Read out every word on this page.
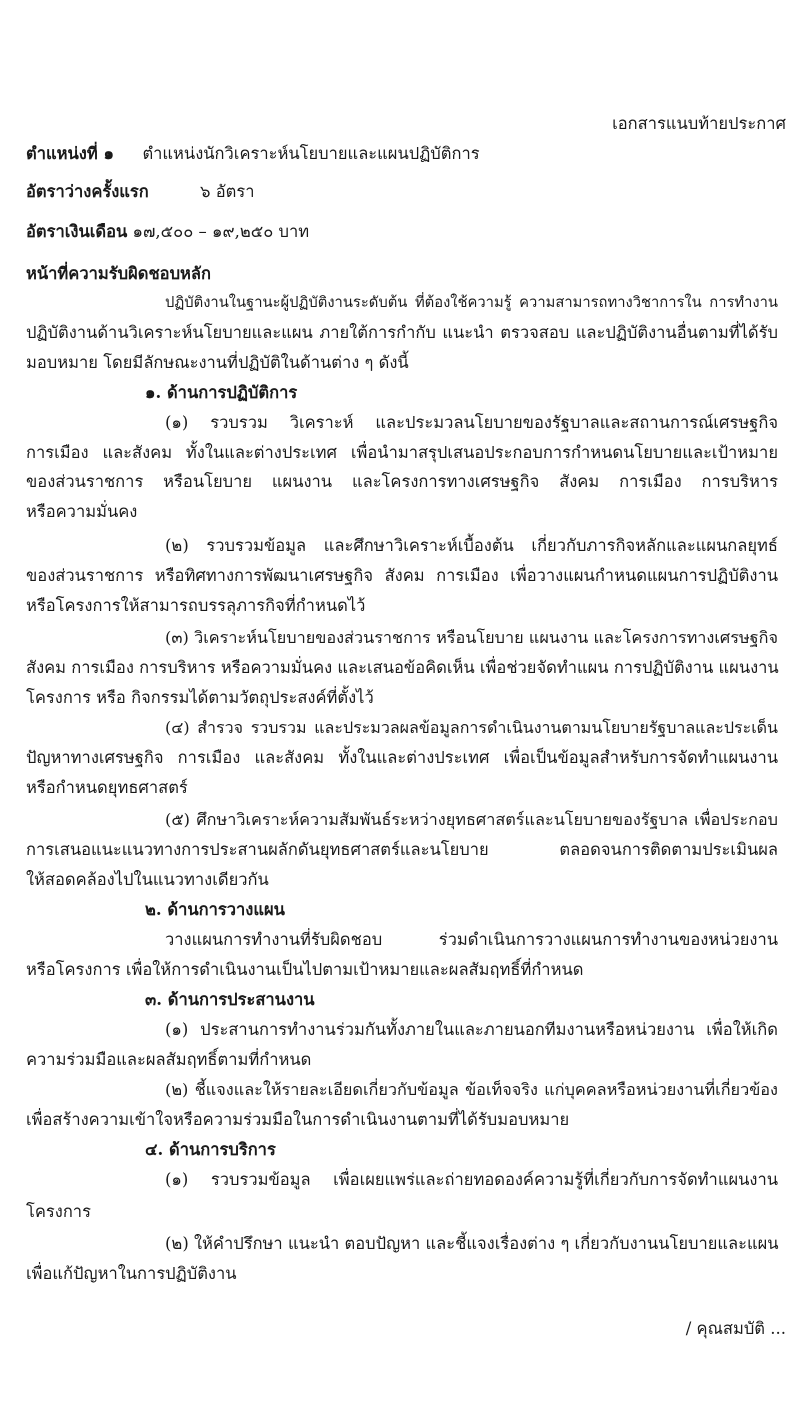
เอกสารแนบท้ายประกาศ
ตำแหน่งที่ ๑ ตำแหน่งนักวิเคราะห์นโยบายและแผนปฏิบัติการ
อัตราว่างครั้งแรก	๖ อัตรา
อัตราเงินเดือน ๑๗,๕๐๐ – ๑๙,๒๕๐ บาท
หน้าที่ความรับผิดชอบหลัก
ปฏิบัติงานในฐานะผู้ปฏิบัติงานระดับต้น ที่ต้องใช้ความรู้ ความสามารถทางวิชาการใน การทำงาน
ปฏิบัติงานด้านวิเคราะห์นโยบายและแผน ภายใต้การกำกับ แนะนำ ตรวจสอบ และปฏิบัติงานอื่นตามที่ได้รับ
มอบหมาย โดยมีลักษณะงานที่ปฏิบัติในด้านต่าง ๆ ดังนี้
๑. ด้านการปฏิบัติการ
(๑) รวบรวม วิเคราะห์ และประมวลนโยบายของรัฐบาลและสถานการณ์เศรษฐกิจ
การเมือง และสังคม ทั้งในและต่างประเทศ เพื่อนำมาสรุปเสนอประกอบการกำหนดนโยบายและเป้าหมาย
ของส่วนราชการ หรือนโยบาย แผนงาน และโครงการทางเศรษฐกิจ สังคม การเมือง การบริหาร
หรือความมั่นคง
(๒) รวบรวมข้อมูล และศึกษาวิเคราะห์เบื้องต้น เกี่ยวกับภารกิจหลักและแผนกลยุทธ์
ของส่วนราชการ หรือทิศทางการพัฒนาเศรษฐกิจ สังคม การเมือง เพื่อวางแผนกำหนดแผนการปฏิบัติงาน
หรือโครงการให้สามารถบรรลุภารกิจที่กำหนดไว้
(๓) วิเคราะห์นโยบายของส่วนราชการ หรือนโยบาย แผนงาน และโครงการทางเศรษฐกิจ
สังคม การเมือง การบริหาร หรือความมั่นคง และเสนอข้อคิดเห็น เพื่อช่วยจัดทำแผน การปฏิบัติงาน แผนงาน
โครงการ หรือ กิจกรรมได้ตามวัตถุประสงค์ที่ตั้งไว้
(๔) สำรวจ รวบรวม และประมวลผลข้อมูลการดำเนินงานตามนโยบายรัฐบาลและประเด็น
ปัญหาทางเศรษฐกิจ การเมือง และสังคม ทั้งในและต่างประเทศ เพื่อเป็นข้อมูลสำหรับการจัดทำแผนงาน
หรือกำหนดยุทธศาสตร์
(๕) ศึกษาวิเคราะห์ความสัมพันธ์ระหว่างยุทธศาสตร์และนโยบายของรัฐบาล เพื่อประกอบ
การเสนอแนะแนวทางการประสานผลักดันยุทธศาสตร์และนโยบาย ตลอดจนการติดตามประเมินผล
ให้สอดคล้องไปในแนวทางเดียวกัน
๒. ด้านการวางแผน
วางแผนการทำงานที่รับผิดชอบ ร่วมดำเนินการวางแผนการทำงานของหน่วยงาน
หรือโครงการ เพื่อให้การดำเนินงานเป็นไปตามเป้าหมายและผลสัมฤทธิ์ที่กำหนด
๓. ด้านการประสานงาน
(๑) ประสานการทำงานร่วมกันทั้งภายในและภายนอกทีมงานหรือหน่วยงาน เพื่อให้เกิด
ความร่วมมือและผลสัมฤทธิ์ตามที่กำหนด
(๒) ชี้แจงและให้รายละเอียดเกี่ยวกับข้อมูล ข้อเท็จจริง แก่บุคคลหรือหน่วยงานที่เกี่ยวข้อง
เพื่อสร้างความเข้าใจหรือความร่วมมือในการดำเนินงานตามที่ได้รับมอบหมาย
๔. ด้านการบริการ
(๑) รวบรวมข้อมูล เพื่อเผยแพร่และถ่ายทอดองค์ความรู้ที่เกี่ยวกับการจัดทำแผนงาน
โครงการ
(๒) ให้คำปรึกษา แนะนำ ตอบปัญหา และชี้แจงเรื่องต่าง ๆ เกี่ยวกับงานนโยบายและแผน
เพื่อแก้ปัญหาในการปฏิบัติงาน
/ คุณสมบัติ ...
